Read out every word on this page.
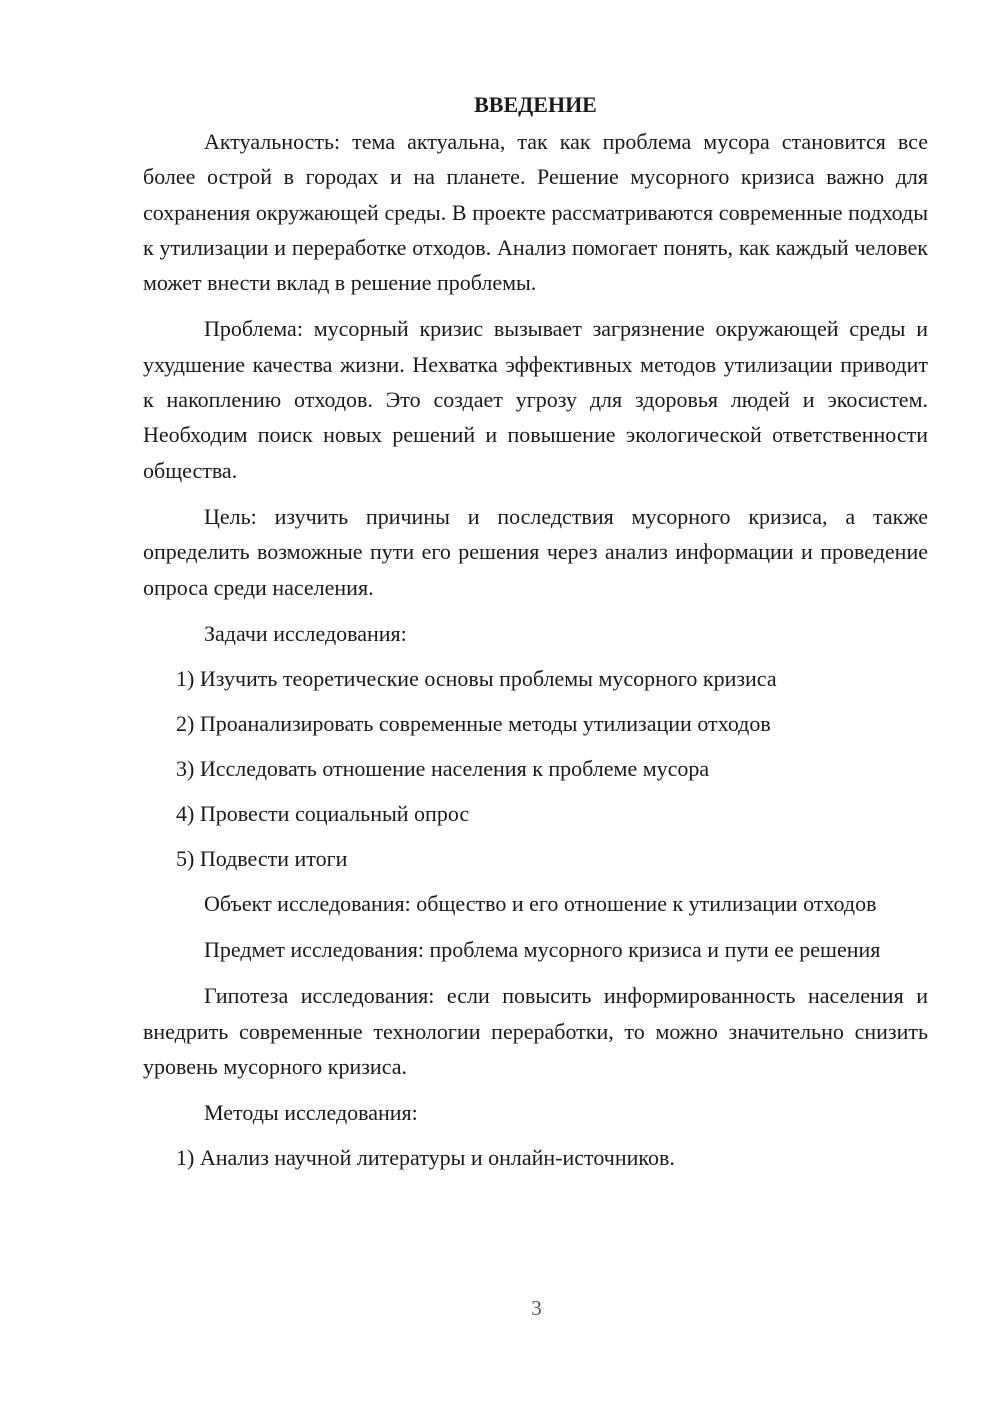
ВВЕДЕНИЕ

Актуальность: тема актуальна, так как проблема мусора становится все более острой в городах и на планете. Решение мусорного кризиса важно для сохранения окружающей среды. В проекте рассматриваются современные подходы к утилизации и переработке отходов. Анализ помогает понять, как каждый человек может внести вклад в решение проблемы.

Проблема: мусорный кризис вызывает загрязнение окружающей среды и ухудшение качества жизни. Нехватка эффективных методов утилизации приводит к накоплению отходов. Это создает угрозу для здоровья людей и экосистем. Необходим поиск новых решений и повышение экологической ответственности общества.

Цель: изучить причины и последствия мусорного кризиса, а также определить возможные пути его решения через анализ информации и проведение опроса среди населения.

Задачи исследования:
1) Изучить теоретические основы проблемы мусорного кризиса
2) Проанализировать современные методы утилизации отходов
3) Исследовать отношение населения к проблеме мусора
4) Провести социальный опрос
5) Подвести итоги

Объект исследования: общество и его отношение к утилизации отходов

Предмет исследования: проблема мусорного кризиса и пути ее решения

Гипотеза исследования: если повысить информированность населения и внедрить современные технологии переработки, то можно значительно снизить уровень мусорного кризиса.

Методы исследования:
1) Анализ научной литературы и онлайн-источников.
3
